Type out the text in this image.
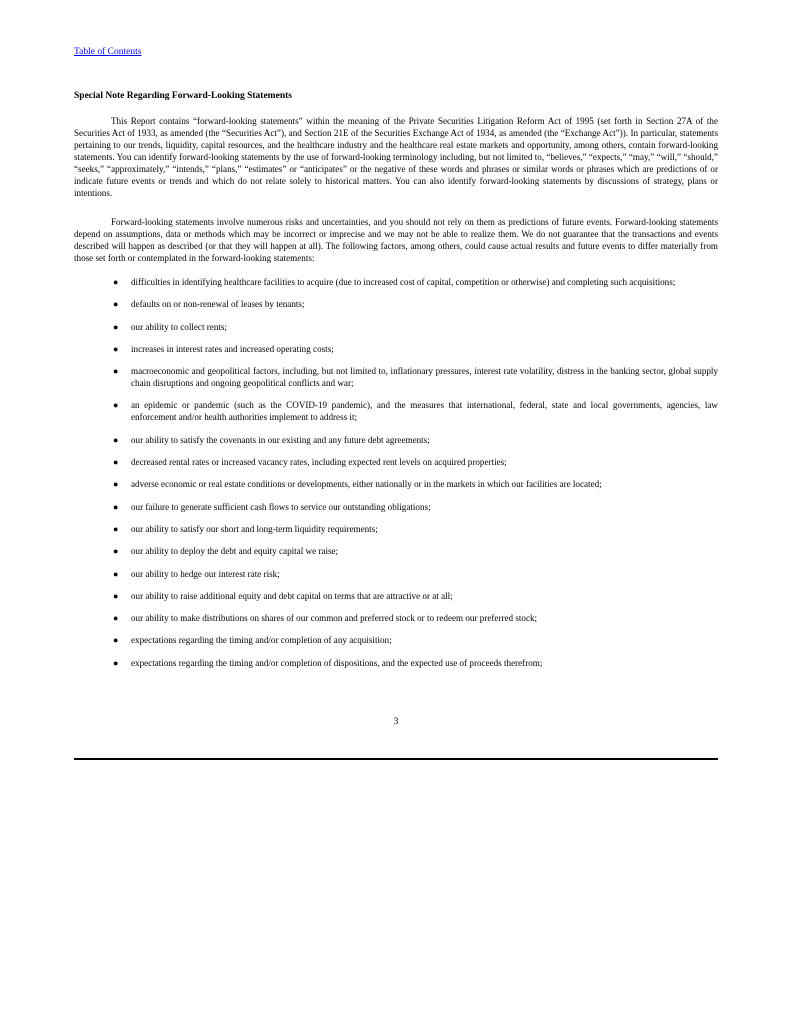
Table of Contents
Special Note Regarding Forward-Looking Statements

This Report contains “forward-looking statements” within the meaning of the Private Securities Litigation Reform Act of 1995 (set forth in Section 27A of the Securities Act of 1933, as amended (the “Securities Act”), and Section 21E of the Securities Exchange Act of 1934, as amended (the “Exchange Act”)). In particular, statements pertaining to our trends, liquidity, capital resources, and the healthcare industry and the healthcare real estate markets and opportunity, among others, contain forward-looking statements. You can identify forward-looking statements by the use of forward-looking terminology including, but not limited to, “believes,” “expects,” “may,” “will,” “should,” “seeks,” “approximately,” “intends,” “plans,” “estimates” or “anticipates” or the negative of these words and phrases or similar words or phrases which are predictions of or indicate future events or trends and which do not relate solely to historical matters. You can also identify forward-looking statements by discussions of strategy, plans or intentions.

Forward-looking statements involve numerous risks and uncertainties, and you should not rely on them as predictions of future events. Forward-looking statements depend on assumptions, data or methods which may be incorrect or imprecise and we may not be able to realize them. We do not guarantee that the transactions and events described will happen as described (or that they will happen at all). The following factors, among others, could cause actual results and future events to differ materially from those set forth or contemplated in the forward-looking statements:

● difficulties in identifying healthcare facilities to acquire (due to increased cost of capital, competition or otherwise) and completing such acquisitions;
● defaults on or non-renewal of leases by tenants;
● our ability to collect rents;
● increases in interest rates and increased operating costs;
● macroeconomic and geopolitical factors, including, but not limited to, inflationary pressures, interest rate volatility, distress in the banking sector, global supply chain disruptions and ongoing geopolitical conflicts and war;
● an epidemic or pandemic (such as the COVID-19 pandemic), and the measures that international, federal, state and local governments, agencies, law enforcement and/or health authorities implement to address it;
● our ability to satisfy the covenants in our existing and any future debt agreements;
● decreased rental rates or increased vacancy rates, including expected rent levels on acquired properties;
● adverse economic or real estate conditions or developments, either nationally or in the markets in which our facilities are located;
● our failure to generate sufficient cash flows to service our outstanding obligations;
● our ability to satisfy our short and long-term liquidity requirements;
● our ability to deploy the debt and equity capital we raise;
● our ability to hedge our interest rate risk;
● our ability to raise additional equity and debt capital on terms that are attractive or at all;
● our ability to make distributions on shares of our common and preferred stock or to redeem our preferred stock;
● expectations regarding the timing and/or completion of any acquisition;
● expectations regarding the timing and/or completion of dispositions, and the expected use of proceeds therefrom;
3
